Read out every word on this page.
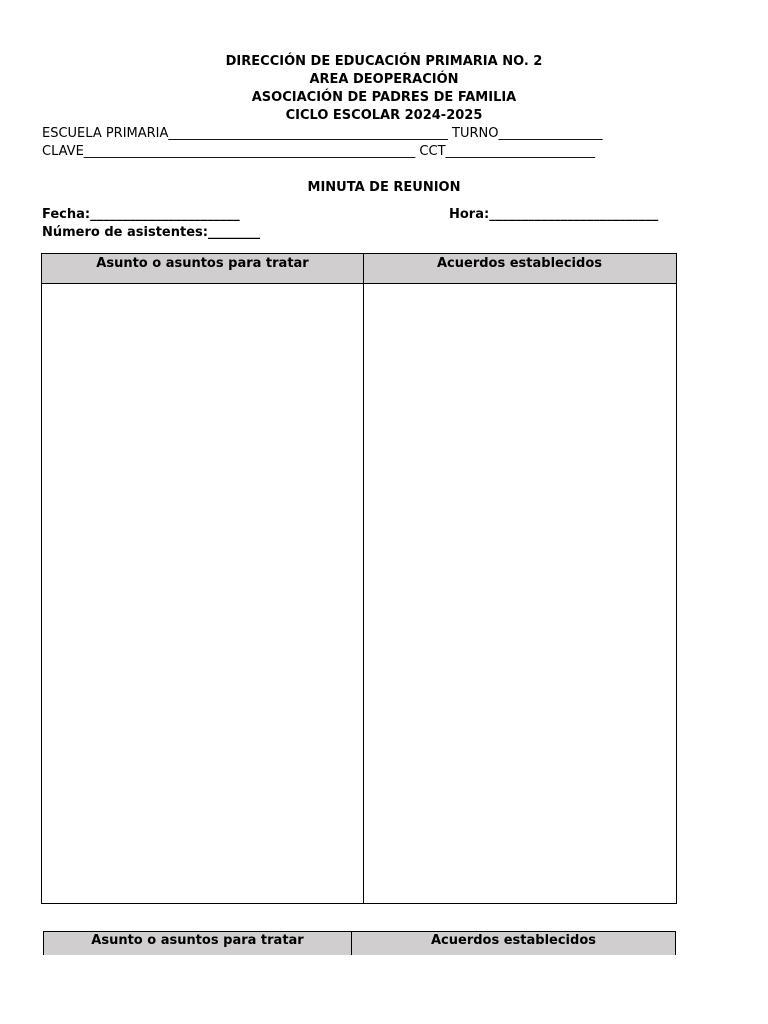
DIRECCIÓN DE EDUCACIÓN PRIMARIA NO. 2
AREA DEOPERACIÓN
ASOCIACIÓN DE PADRES DE FAMILIA
CICLO ESCOLAR 2024-2025
ESCUELA PRIMARIA___________________________________________ TURNO________________
CLAVE___________________________________________________ CCT_______________________
MINUTA DE REUNION
Fecha:_______________________	Hora:__________________________
Número de asistentes:________
Asunto o asuntos para tratar	Acuerdos establecidos
Asunto o asuntos para tratar	Acuerdos establecidos
